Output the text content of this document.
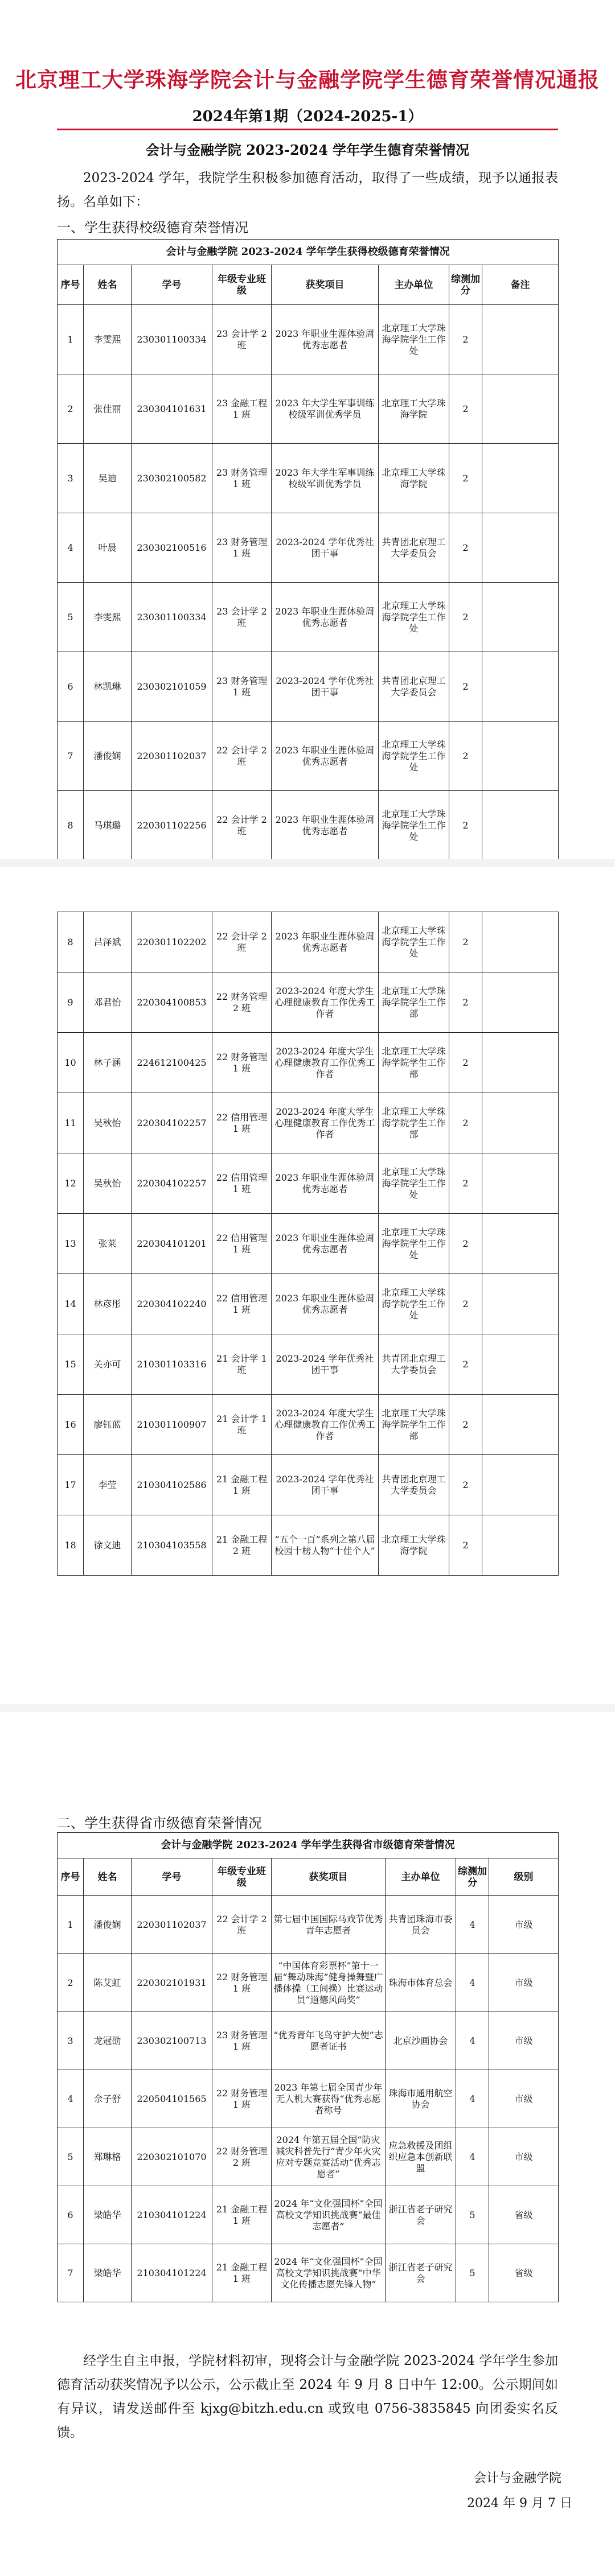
北京理工大学珠海学院会计与金融学院学生德育荣誉情况通报
2024年第1期（2024-2025-1）
会计与金融学院 2023-2024 学年学生德育荣誉情况
2023-2024 学年，我院学生积极参加德育活动，取得了一些成绩，现予以通报表扬。名单如下：
一、学生获得校级德育荣誉情况
会计与金融学院 2023-2024 学年学生获得校级德育荣誉情况							
序号	姓名	学号	年级专业班级	获奖项目	主办单位	综测加分	备注
1	李雯熙	230301100334	23 会计学 2 班	2023 年职业生涯体验周优秀志愿者	北京理工大学珠海学院学生工作处	2	
2	张佳丽	230304101631	23 金融工程 1 班	2023 年大学生军事训练校级军训优秀学员	北京理工大学珠海学院	2	
3	吴迪	230302100582	23 财务管理 1 班	2023 年大学生军事训练校级军训优秀学员	北京理工大学珠海学院	2	
4	叶晨	230302100516	23 财务管理 1 班	2023-2024 学年优秀社团干事	共青团北京理工大学委员会	2	
5	李雯熙	230301100334	23 会计学 2 班	2023 年职业生涯体验周优秀志愿者	北京理工大学珠海学院学生工作处	2	
6	林凯琳	230302101059	23 财务管理 1 班	2023-2024 学年优秀社团干事	共青团北京理工大学委员会	2	
7	潘俊娴	220301102037	22 会计学 2 班	2023 年职业生涯体验周优秀志愿者	北京理工大学珠海学院学生工作处	2	
8	马琪璐	220301102256	22 会计学 2 班	2023 年职业生涯体验周优秀志愿者	北京理工大学珠海学院学生工作处	2	
8	吕泽斌	220301102202	22 会计学 2 班	2023 年职业生涯体验周优秀志愿者	北京理工大学珠海学院学生工作处	2	
9	邓君怡	220304100853	22 财务管理 2 班	2023-2024 年度大学生心理健康教育工作优秀工作者	北京理工大学珠海学院学生工作部	2	
10	林子涵	224612100425	22 财务管理 1 班	2023-2024 年度大学生心理健康教育工作优秀工作者	北京理工大学珠海学院学生工作部	2	
11	吴秋怡	220304102257	22 信用管理 1 班	2023-2024 年度大学生心理健康教育工作优秀工作者	北京理工大学珠海学院学生工作部	2	
12	吴秋怡	220304102257	22 信用管理 1 班	2023 年职业生涯体验周优秀志愿者	北京理工大学珠海学院学生工作处	2	
13	张莱	220304101201	22 信用管理 1 班	2023 年职业生涯体验周优秀志愿者	北京理工大学珠海学院学生工作处	2	
14	林彦彤	220304102240	22 信用管理 1 班	2023 年职业生涯体验周优秀志愿者	北京理工大学珠海学院学生工作处	2	
15	关亦可	210301103316	21 会计学 1 班	2023-2024 学年优秀社团干事	共青团北京理工大学委员会	2	
16	廖钰蓝	210301100907	21 会计学 1 班	2023-2024 年度大学生心理健康教育工作优秀工作者	北京理工大学珠海学院学生工作部	2	
17	李莹	210304102586	21 金融工程 1 班	2023-2024 学年优秀社团干事	共青团北京理工大学委员会	2	
18	徐文迪	210304103558	21 金融工程 2 班	“五个一百”系列之第八届校园十榜人物“十佳个人”	北京理工大学珠海学院	2	
二、学生获得省市级德育荣誉情况
会计与金融学院 2023-2024 学年学生获得省市级德育荣誉情况							
序号	姓名	学号	年级专业班级	获奖项目	主办单位	综测加分	级别
1	潘俊娴	220301102037	22 会计学 2 班	第七届中国国际马戏节优秀青年志愿者	共青团珠海市委员会	4	市级
2	陈艾虹	220302101931	22 财务管理 1 班	“中国体育彩票杯”第十一届“舞动珠海”健身操舞暨广播体操（工间操）比赛运动员“道德风尚奖”	珠海市体育总会	4	市级
3	龙冠劭	230302100713	23 财务管理 1 班	“优秀青年飞鸟守护大使”志愿者证书	北京沙画协会	4	市级
4	佘子舒	220504101565	22 财务管理 1 班	2023 年第七届全国青少年无人机大赛获得“优秀志愿者称号	珠海市通用航空协会	4	市级
5	郑琳格	220302101070	22 财务管理 2 班	2024 年第五届全国“防灾减灾科普先行”青少年火灾应对专题竞赛活动“优秀志愿者”	应急救援及团组织应急本创新联盟	4	市级
6	梁皓华	210304101224	21 金融工程 1 班	2024 年“文化强国杯”全国高校文学知识挑战赛“最佳志愿者”	浙江省老子研究会	5	省级
7	梁皓华	210304101224	21 金融工程 1 班	2024 年“文化强国杯”全国高校文学知识挑战赛“中华文化传播志愿先锋人物”	浙江省老子研究会	5	省级
经学生自主申报，学院材料初审，现将会计与金融学院 2023-2024 学年学生参加德育活动获奖情况予以公示，公示截止至 2024 年 9 月 8 日中午 12:00。公示期间如有异议，请发送邮件至 kjxg@bitzh.edu.cn 或致电 0756-3835845 向团委实名反馈。
会计与金融学院
2024 年 9 月 7 日
